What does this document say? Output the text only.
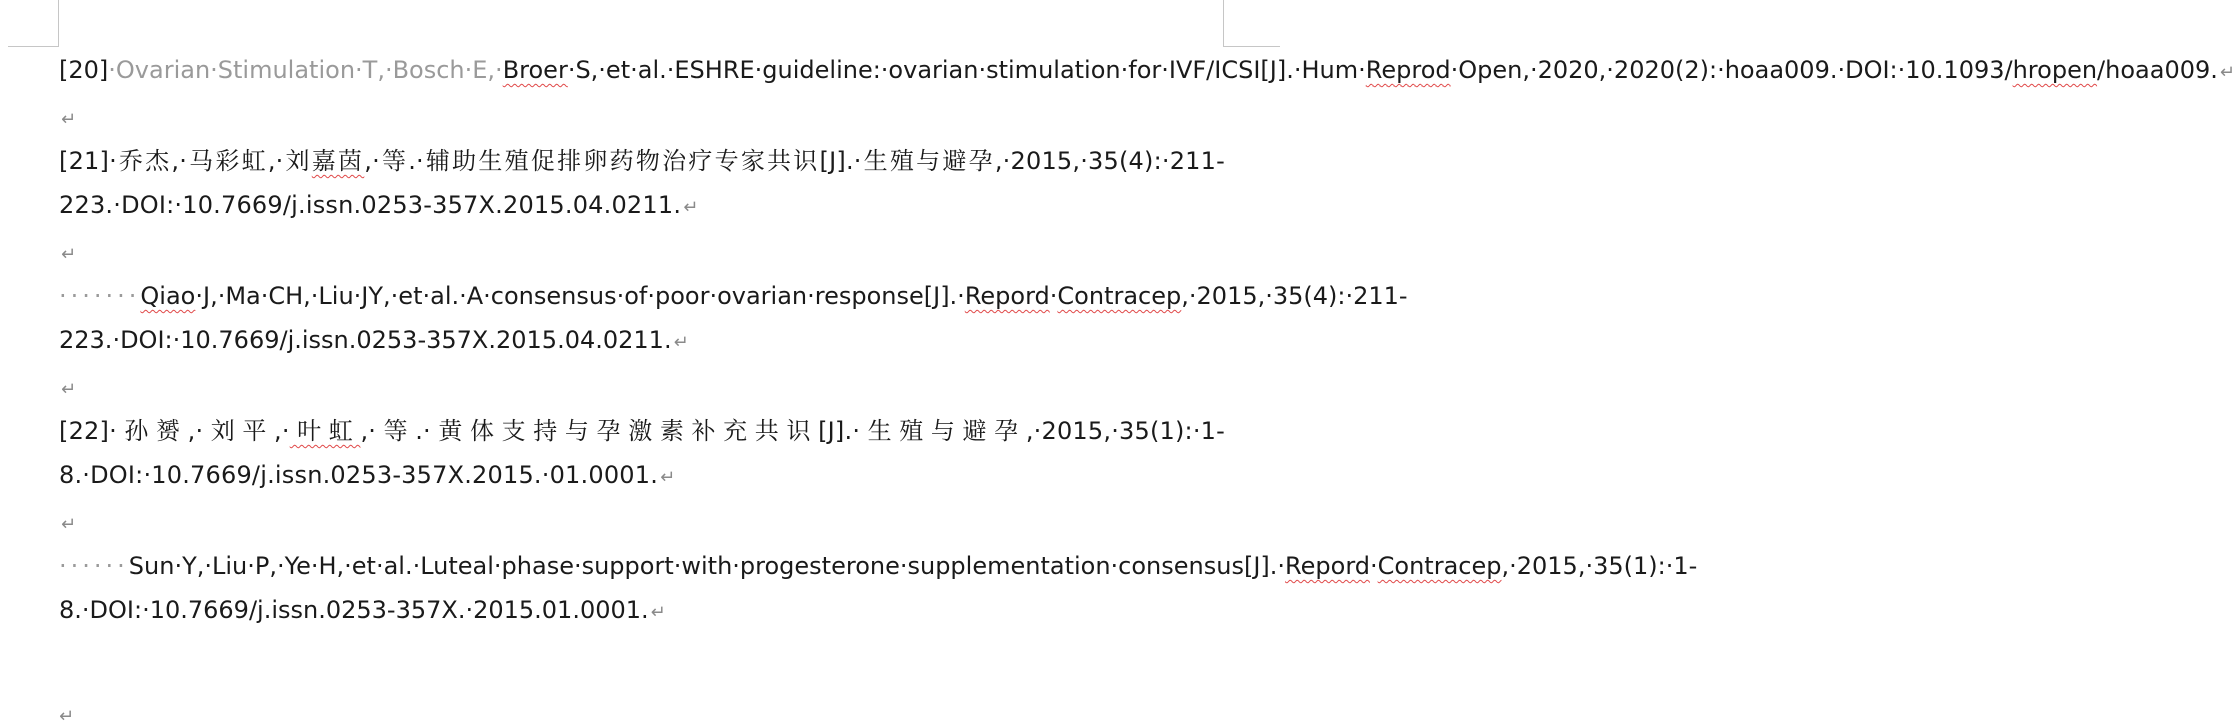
[20]·Ovarian·Stimulation·T,·Bosch·E,·Broer·S,·et·al.·ESHRE·guideline:·ovarian·stimulation·for·IVF/ICSI[J].·Hum·Reprod·Open,·2020,·2020(2):·hoaa009.·DOI:·10.1093/hropen/hoaa009. ↵

↵

[21]·乔杰,·马彩虹,·刘嘉茵,·等.·辅助生殖促排卵药物治疗专家共识[J].·生殖与避孕,·2015,·35(4):·211-223.·DOI:·10.7669/j.issn.0253-357X.2015.04.0211. ↵

↵

·······Qiao·J,·Ma·CH,·Liu·JY,·et·al.·A·consensus·of·poor·ovarian·response[J].·Repord·Contracep,·2015,·35(4):·211-223.·DOI:·10.7669/j.issn.0253-357X.2015.04.0211. ↵

↵

[22]·孙赟,·刘平,·叶虹,·等.·黄体支持与孕激素补充共识[J].·生殖与避孕,·2015,·35(1):·1-8.·DOI:·10.7669/j.issn.0253-357X.2015.·01.0001. ↵

↵

······Sun·Y,·Liu·P,·Ye·H,·et·al.·Luteal·phase·support·with·progesterone·supplementation·consensus[J].·Repord·Contracep,·2015,·35(1):·1-8.·DOI:·10.7669/j.issn.0253-357X.·2015.01.0001. ↵

↵
